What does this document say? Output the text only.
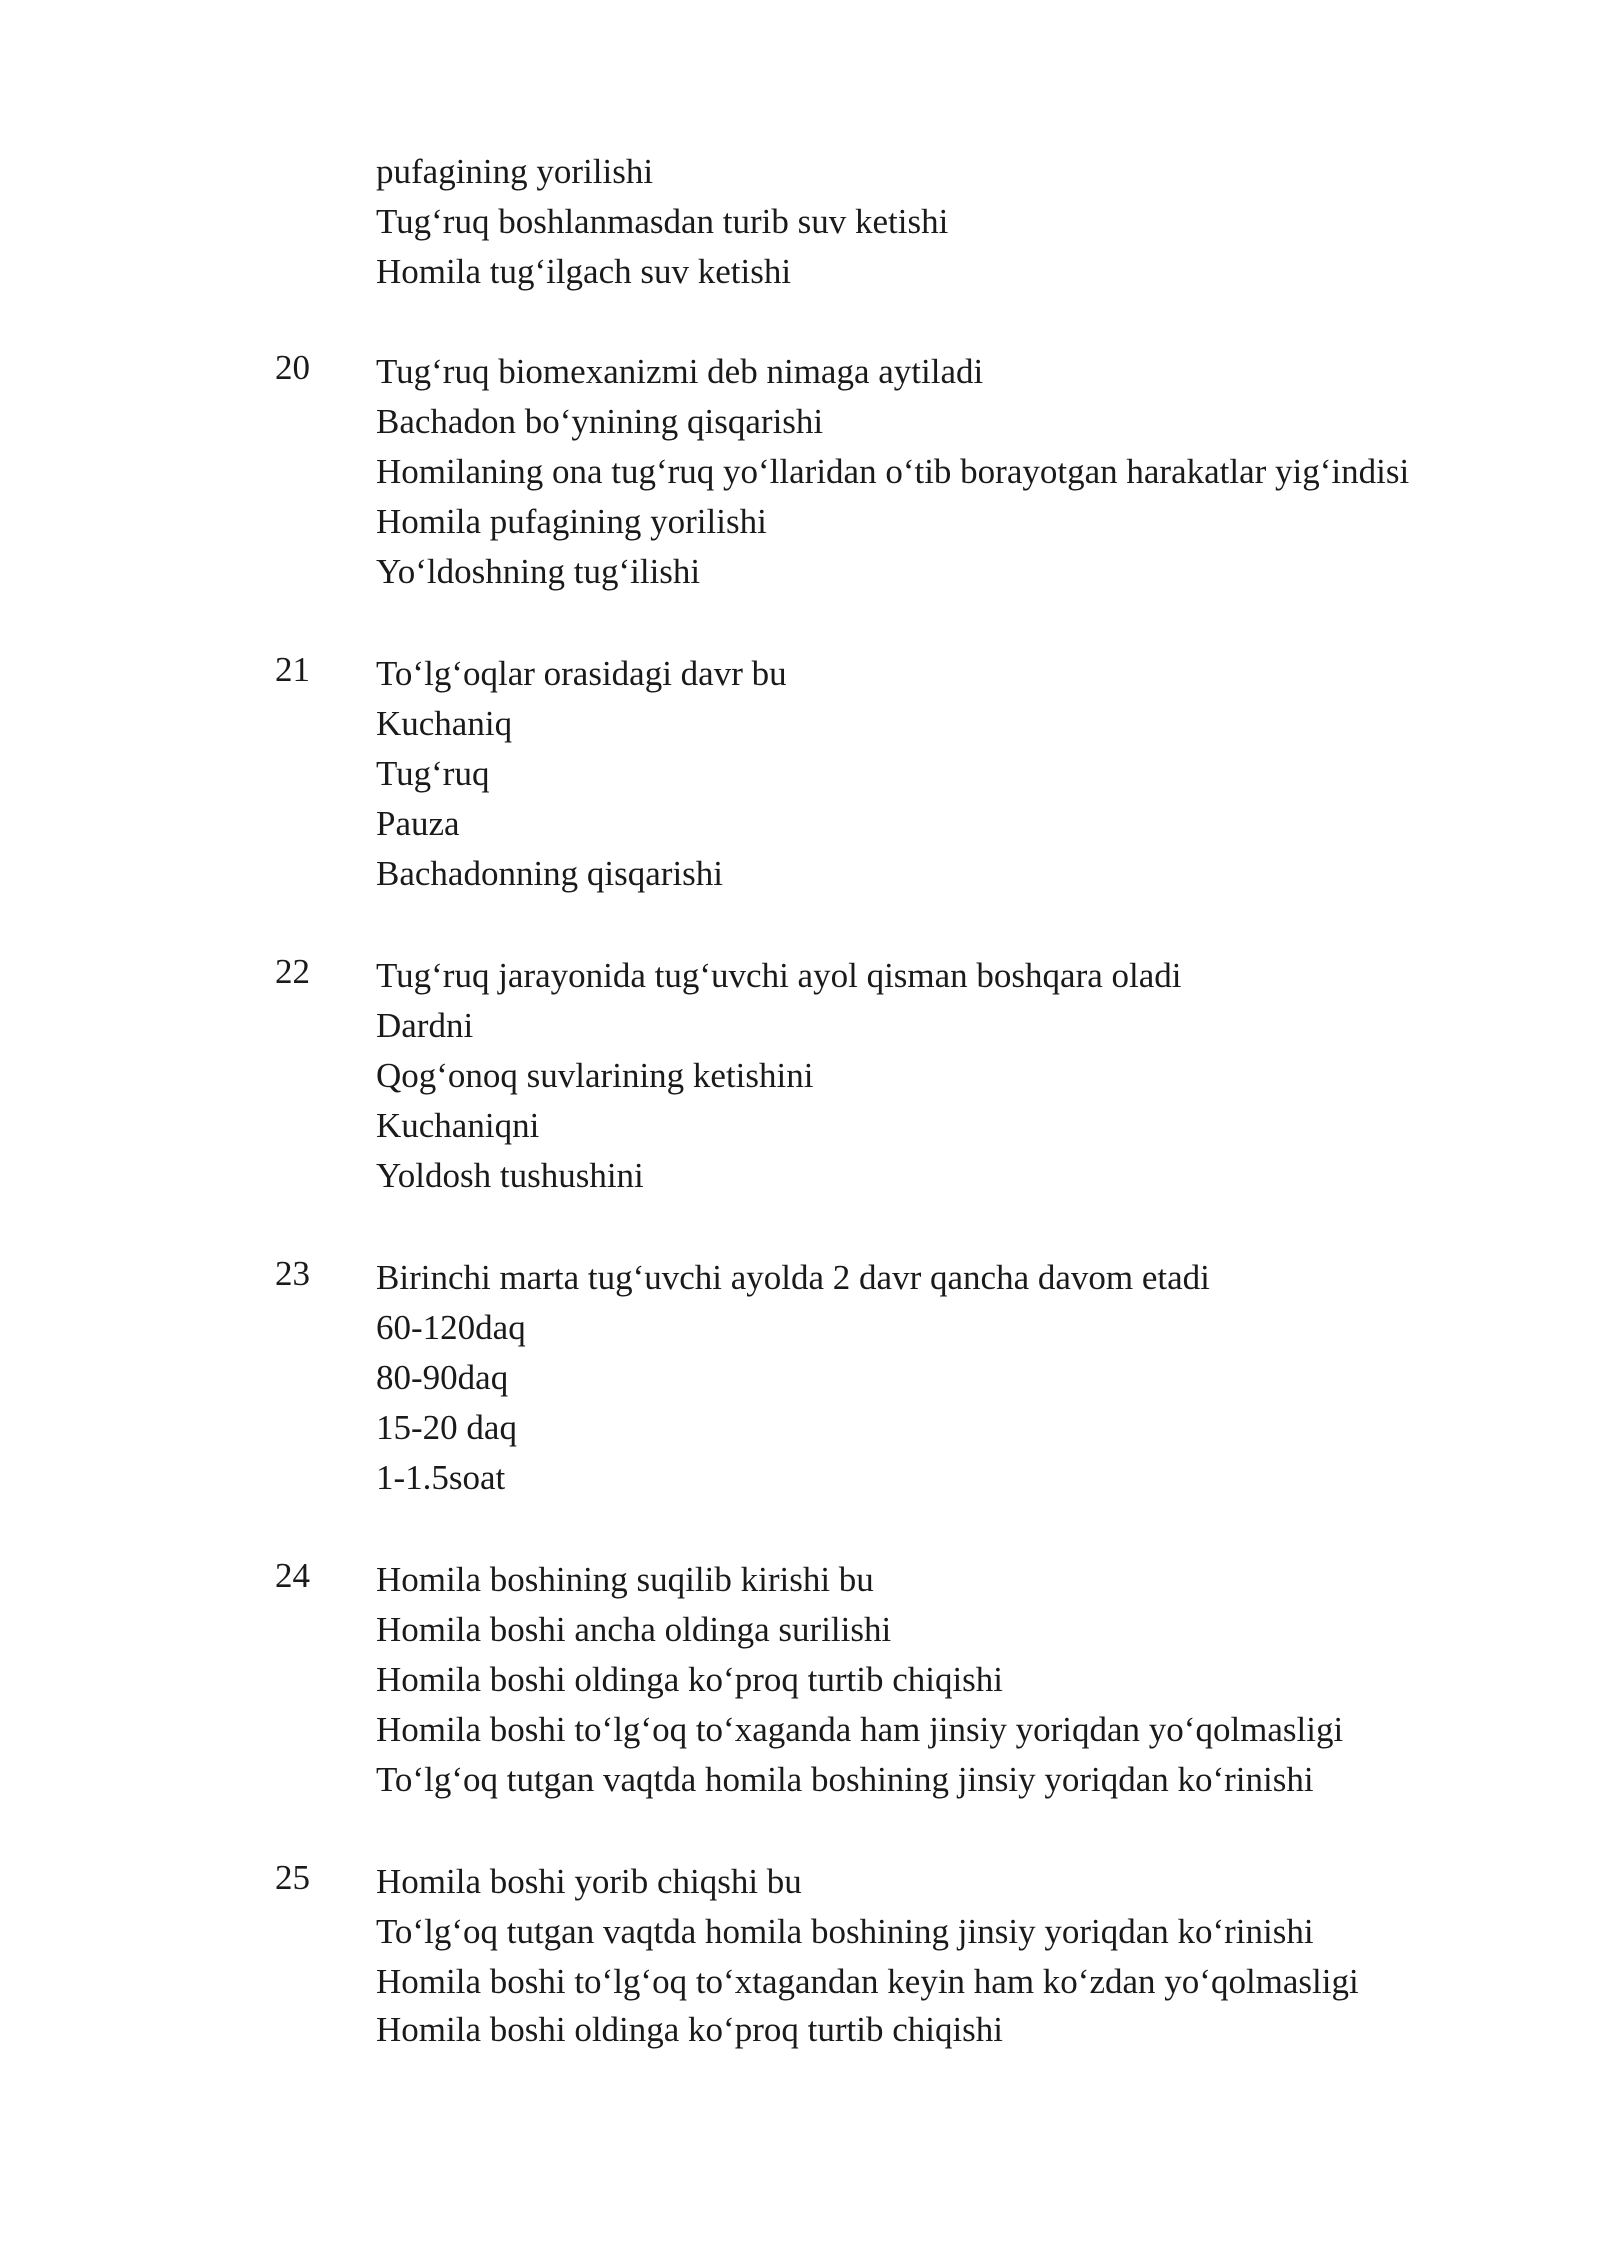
pufagining yorilishi
Tug‘ruq boshlanmasdan turib suv ketishi
Homila tug‘ilgach suv ketishi
20 Tug‘ruq biomexanizmi deb nimaga aytiladi
Bachadon bo‘ynining qisqarishi
Homilaning ona tug‘ruq yo‘llaridan o‘tib borayotgan harakatlar yig‘indisi
Homila pufagining yorilishi
Yo‘ldoshning tug‘ilishi
21 To‘lg‘oqlar orasidagi davr bu
Kuchaniq
Tug‘ruq
Pauza
Bachadonning qisqarishi
22 Tug‘ruq jarayonida tug‘uvchi ayol qisman boshqara oladi
Dardni
Qog‘onoq suvlarining ketishini
Kuchaniqni
Yoldosh tushushini
23 Birinchi marta tug‘uvchi ayolda 2 davr qancha davom etadi
60-120daq
80-90daq
15-20 daq
1-1.5soat
24 Homila boshining suqilib kirishi bu
Homila boshi ancha oldinga surilishi
Homila boshi oldinga ko‘proq turtib chiqishi
Homila boshi to‘lg‘oq to‘xaganda ham jinsiy yoriqdan yo‘qolmasligi
To‘lg‘oq tutgan vaqtda homila boshining jinsiy yoriqdan ko‘rinishi
25 Homila boshi yorib chiqshi bu
To‘lg‘oq tutgan vaqtda homila boshining jinsiy yoriqdan ko‘rinishi
Homila boshi to‘lg‘oq to‘xtagandan keyin ham ko‘zdan yo‘qolmasligi
Homila boshi oldinga ko‘proq turtib chiqishi
